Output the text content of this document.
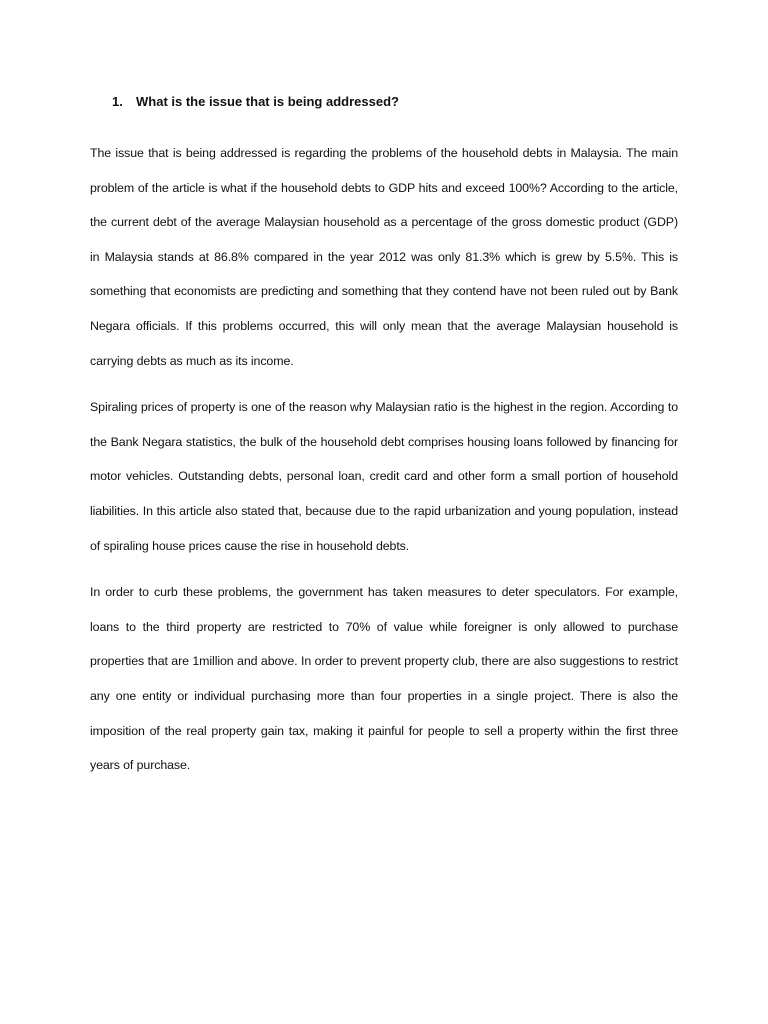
1.	What is the issue that is being addressed?

The issue that is being addressed is regarding the problems of the household debts in Malaysia. The main problem of the article is what if the household debts to GDP hits and exceed 100%? According to the article, the current debt of the average Malaysian household as a percentage of the gross domestic product (GDP) in Malaysia stands at 86.8% compared in the year 2012 was only 81.3% which is grew by 5.5%. This is something that economists are predicting and something that they contend have not been ruled out by Bank Negara officials. If this problems occurred, this will only mean that the average Malaysian household is carrying debts as much as its income.

Spiraling prices of property is one of the reason why Malaysian ratio is the highest in the region. According to the Bank Negara statistics, the bulk of the household debt comprises housing loans followed by financing for motor vehicles. Outstanding debts, personal loan, credit card and other form a small portion of household liabilities. In this article also stated that, because due to the rapid urbanization and young population, instead of spiraling house prices cause the rise in household debts.

In order to curb these problems, the government has taken measures to deter speculators. For example, loans to the third property are restricted to 70% of value while foreigner is only allowed to purchase properties that are 1million and above. In order to prevent property club, there are also suggestions to restrict any one entity or individual purchasing more than four properties in a single project. There is also the imposition of the real property gain tax, making it painful for people to sell a property within the first three years of purchase.
